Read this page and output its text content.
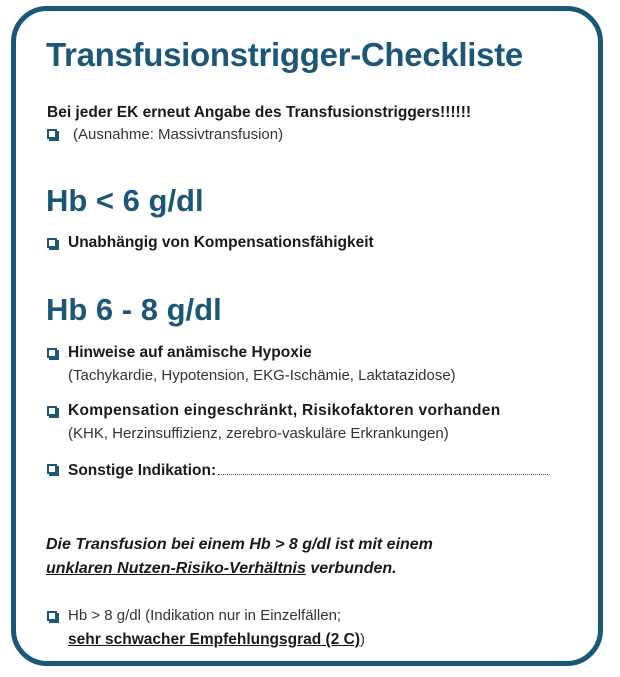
Transfusionstrigger-Checkliste
Bei jeder EK erneut Angabe des Transfusionstriggers!!!!!!
(Ausnahme: Massivtransfusion)
Hb < 6 g/dl
Unabhängig von Kompensationsfähigkeit
Hb 6 - 8 g/dl
Hinweise auf anämische Hypoxie
(Tachykardie, Hypotension, EKG-Ischämie, Laktatazidose)
Kompensation eingeschränkt, Risikofaktoren vorhanden
(KHK, Herzinsuffizienz, zerebro-vaskuläre Erkrankungen)
Sonstige Indikation:
Die Transfusion bei einem Hb > 8 g/dl ist mit einem
unklaren Nutzen-Risiko-Verhältnis verbunden.
Hb > 8 g/dl (Indikation nur in Einzelfällen;
sehr schwacher Empfehlungsgrad (2 C))
